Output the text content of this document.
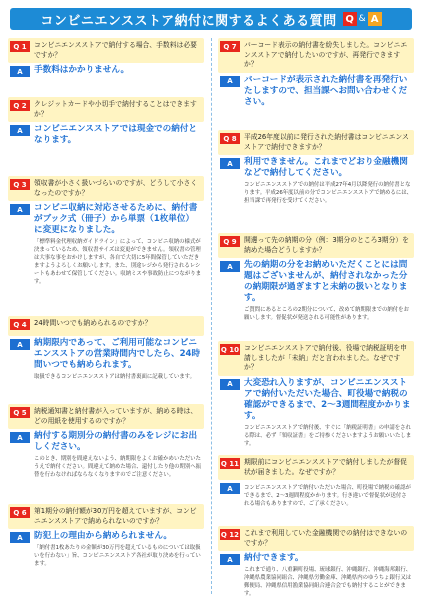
コンビニエンスストア納付に関するよくある質問 Q & A
Q 1	コンビニエンスストアで納付する場合、手数料は必要ですか？
A	手数料はかかりません。
Q 2	クレジットカードや小切手で納付することはできますか？
A	コンビニエンスストアでは現金での納付となります。
Q 3	領収書が小さく扱いづらいのですが、どうして小さくなったのですか？
A	コンビニ収納に対応させるために、納付書がブック式（冊子）から単票（1枚単位）に変更になりました。
「標準料金代理収納ガイドライン」によって、コンビニ収納の様式が決まっているため、領収書サイズは変更ができません。領収書の管理は大事な事をおかけしますが、各自で大切に5年間保管していただきますようよろしくお願いします。また、別途レジから発行されるレシートもあわせて保管してください。収納ミスや事故防止につながります。
Q 4	24時間いつでも納められるのですか？
A	納期限内であって、ご利用可能なコンビニエンスストアの営業時間内でしたら、24時間いつでも納められます。
取扱できるコンビニエンスストアは納付書裏面に記載しています。
Q 5	納税通知書と納付書が入っていますが、納める時は、どの用紙を使用するのですか？
A	納付する期別分の納付書のみをレジにお出しください。
このとき、期別を間違えないよう、納期限をよくお確かめいただいたうえで納付ください。間違えて納めた場合、還付したり他の期別へ振替を行わなければならなくなりますのでご注意ください。
Q 6	第1期分の納付額が30万円を超えていますが、コンビニエンスストアで納められないのですか？
A	防犯上の理由から納められません。
「納付書1枚あたりの金額が30万円を超えているものについては取扱いを行わない」旨、コンビニエンスストア各社が取り決めを行っています。
Q 7	バーコード表示の納付書を紛失しました。コンビニエンスストアで納付したいのですが、再発行できますか？
A	バーコードが表示された納付書を再発行いたしますので、担当課へお問い合わせください。
Q 8	平成26年度以前に発行された納付書はコンビニエンスストアで納付できますか？
A	利用できません。これまでどおり金融機関などで納付してください。
コンビニエンスストアでの納付は平成27年4月以降発行の納付書となります。平成26年度以前の分でコンビニエンスストアで納めるには、担当課で再発行を受けてください。
Q 9	開邊って先の納期の分（例：3期分のところ3期分）を納めた場合どうしますか？
A	先の納期の分をお納めいただくことには問題はございませんが、納付されなかった分の納期限が過ぎますと未納の扱いとなります。
ご質問にあるところの2期分について、改めて納期限までの納付をお願いします。督促状が発送される可能性があります。
Q 10 コンビニエンスストアで納付後、役場で納税証明を申請しましたが「未納」だと言われました。なぜですか？
A	大変恐れ入りますが、コンビニエンスストアで納付いただいた場合、町役場で納税の確認ができるまで、2〜3週間程度かかります。
コンビニエンスストアで納付後、すぐに「納税証明書」の申請をされる際は、必ず「領収証書」をご持参くださいますようお願いいたします。
Q 11 期限前にコンビニエンスストアで納付しましたが督促状が届きました。なぜですか？
A	コンビニエンスストアで納付いただいた場合、町役場で納税の確認ができるまで、2〜3週間程度かかります。行き違いで督促状が送付される場合もありますので、ご了承ください。
Q 12 これまで利用していた金融機関での納付はできないのですか？
A	納付できます。
これまで通り、八重瀬町役場、琉球銀行、沖縄銀行、沖縄海邦銀行、沖縄県農業協同組合、沖縄県労働金庫、沖縄県内のゆうちょ銀行又は郵便局、沖縄県信用漁業協同組合連合会でも納付することができます。
